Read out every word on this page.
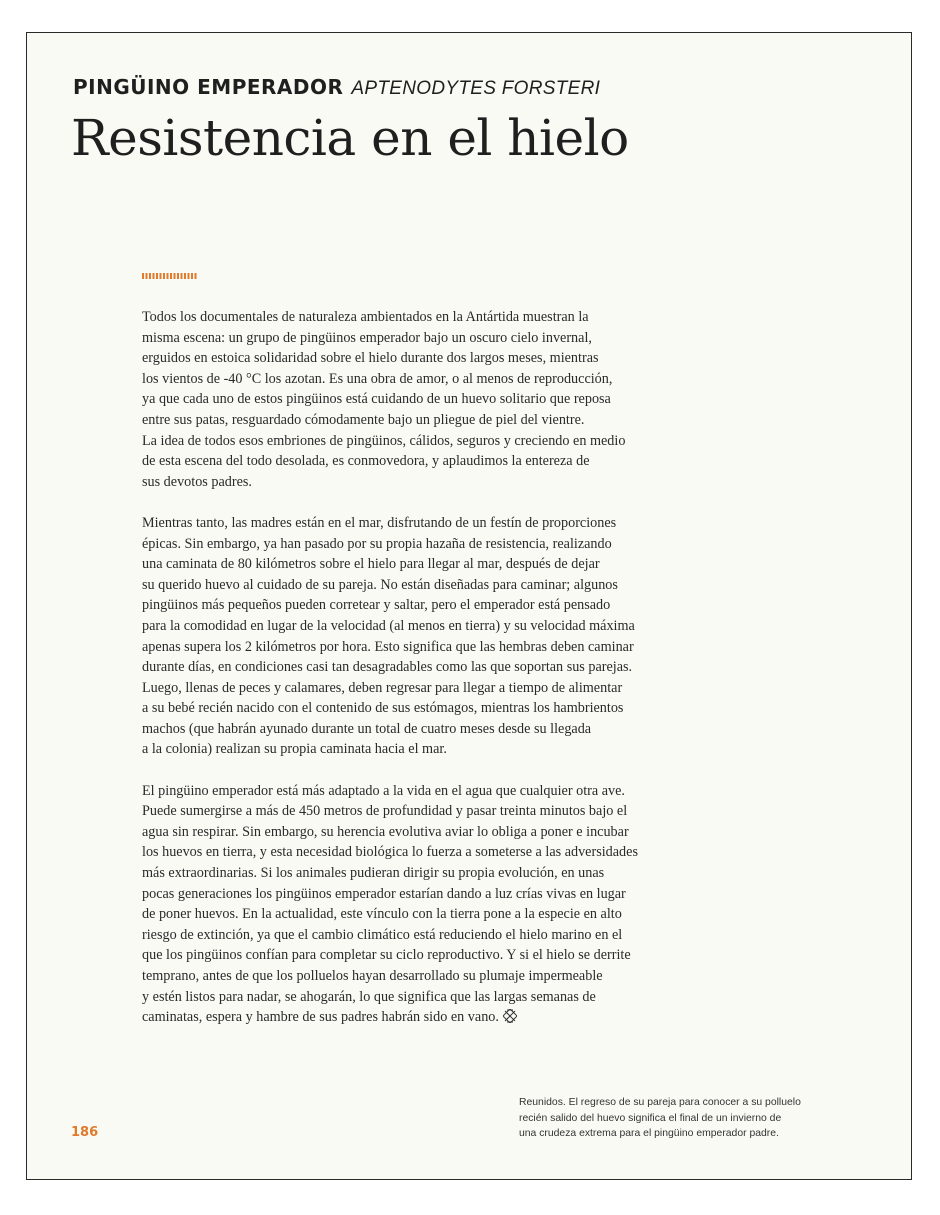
PINGÜINO EMPERADOR APTENODYTES FORSTERI
Resistencia en el hielo

Todos los documentales de naturaleza ambientados en la Antártida muestran la
misma escena: un grupo de pingüinos emperador bajo un oscuro cielo invernal,
erguidos en estoica solidaridad sobre el hielo durante dos largos meses, mientras
los vientos de -40 °C los azotan. Es una obra de amor, o al menos de reproducción,
ya que cada uno de estos pingüinos está cuidando de un huevo solitario que reposa
entre sus patas, resguardado cómodamente bajo un pliegue de piel del vientre.
La idea de todos esos embriones de pingüinos, cálidos, seguros y creciendo en medio
de esta escena del todo desolada, es conmovedora, y aplaudimos la entereza de
sus devotos padres.

Mientras tanto, las madres están en el mar, disfrutando de un festín de proporciones
épicas. Sin embargo, ya han pasado por su propia hazaña de resistencia, realizando
una caminata de 80 kilómetros sobre el hielo para llegar al mar, después de dejar
su querido huevo al cuidado de su pareja. No están diseñadas para caminar; algunos
pingüinos más pequeños pueden corretear y saltar, pero el emperador está pensado
para la comodidad en lugar de la velocidad (al menos en tierra) y su velocidad máxima
apenas supera los 2 kilómetros por hora. Esto significa que las hembras deben caminar
durante días, en condiciones casi tan desagradables como las que soportan sus parejas.
Luego, llenas de peces y calamares, deben regresar para llegar a tiempo de alimentar
a su bebé recién nacido con el contenido de sus estómagos, mientras los hambrientos
machos (que habrán ayunado durante un total de cuatro meses desde su llegada
a la colonia) realizan su propia caminata hacia el mar.

El pingüino emperador está más adaptado a la vida en el agua que cualquier otra ave.
Puede sumergirse a más de 450 metros de profundidad y pasar treinta minutos bajo el
agua sin respirar. Sin embargo, su herencia evolutiva aviar lo obliga a poner e incubar
los huevos en tierra, y esta necesidad biológica lo fuerza a someterse a las adversidades
más extraordinarias. Si los animales pudieran dirigir su propia evolución, en unas
pocas generaciones los pingüinos emperador estarían dando a luz crías vivas en lugar
de poner huevos. En la actualidad, este vínculo con la tierra pone a la especie en alto
riesgo de extinción, ya que el cambio climático está reduciendo el hielo marino en el
que los pingüinos confían para completar su ciclo reproductivo. Y si el hielo se derrite
temprano, antes de que los polluelos hayan desarrollado su plumaje impermeable
y estén listos para nadar, se ahogarán, lo que significa que las largas semanas de
caminatas, espera y hambre de sus padres habrán sido en vano.

186
Reunidos. El regreso de su pareja para conocer a su polluelo
recién salido del huevo significa el final de un invierno de
una crudeza extrema para el pingüino emperador padre.
